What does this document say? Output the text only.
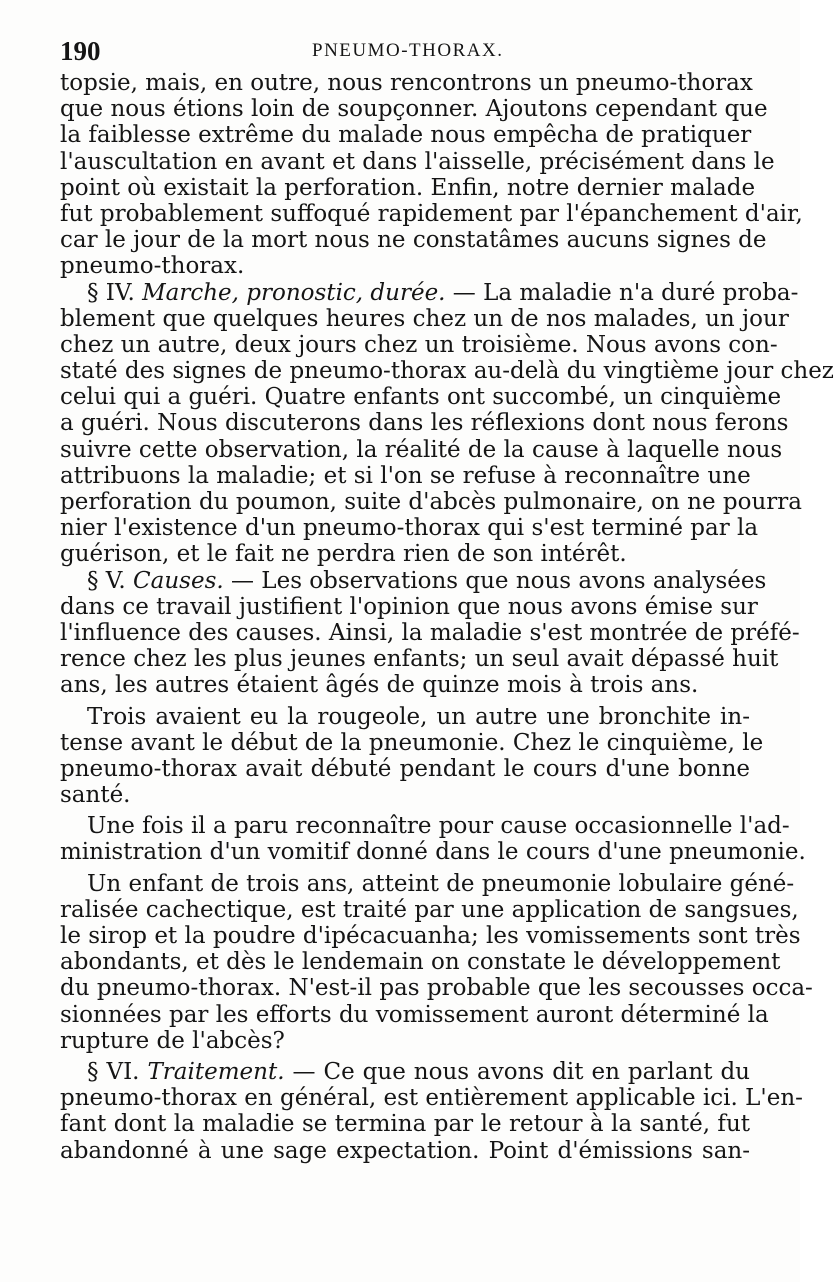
190	PNEUMO-THORAX.
topsie, mais, en outre, nous rencontrons un pneumo-thorax
que nous étions loin de soupçonner. Ajoutons cependant que
la faiblesse extrême du malade nous empêcha de pratiquer
l'auscultation en avant et dans l'aisselle, précisément dans le
point où existait la perforation. Enfin, notre dernier malade
fut probablement suffoqué rapidement par l'épanchement d'air,
car le jour de la mort nous ne constatâmes aucuns signes de
pneumo-thorax.
§ IV. Marche, pronostic, durée. — La maladie n'a duré proba-
blement que quelques heures chez un de nos malades, un jour
chez un autre, deux jours chez un troisième. Nous avons con-
staté des signes de pneumo-thorax au-delà du vingtième jour chez
celui qui a guéri. Quatre enfants ont succombé, un cinquième
a guéri. Nous discuterons dans les réflexions dont nous ferons
suivre cette observation, la réalité de la cause à laquelle nous
attribuons la maladie; et si l'on se refuse à reconnaître une
perforation du poumon, suite d'abcès pulmonaire, on ne pourra
nier l'existence d'un pneumo-thorax qui s'est terminé par la
guérison, et le fait ne perdra rien de son intérêt.
§ V. Causes. — Les observations que nous avons analysées
dans ce travail justifient l'opinion que nous avons émise sur
l'influence des causes. Ainsi, la maladie s'est montrée de préfé-
rence chez les plus jeunes enfants; un seul avait dépassé huit
ans, les autres étaient âgés de quinze mois à trois ans.
Trois avaient eu la rougeole, un autre une bronchite in-
tense avant le début de la pneumonie. Chez le cinquième, le
pneumo-thorax avait débuté pendant le cours d'une bonne
santé.
Une fois il a paru reconnaître pour cause occasionnelle l'ad-
ministration d'un vomitif donné dans le cours d'une pneumonie.
Un enfant de trois ans, atteint de pneumonie lobulaire géné-
ralisée cachectique, est traité par une application de sangsues,
le sirop et la poudre d'ipécacuanha; les vomissements sont très
abondants, et dès le lendemain on constate le développement
du pneumo-thorax. N'est-il pas probable que les secousses occa-
sionnées par les efforts du vomissement auront déterminé la
rupture de l'abcès?
§ VI. Traitement. — Ce que nous avons dit en parlant du
pneumo-thorax en général, est entièrement applicable ici. L'en-
fant dont la maladie se termina par le retour à la santé, fut
abandonné à une sage expectation. Point d'émissions san-
